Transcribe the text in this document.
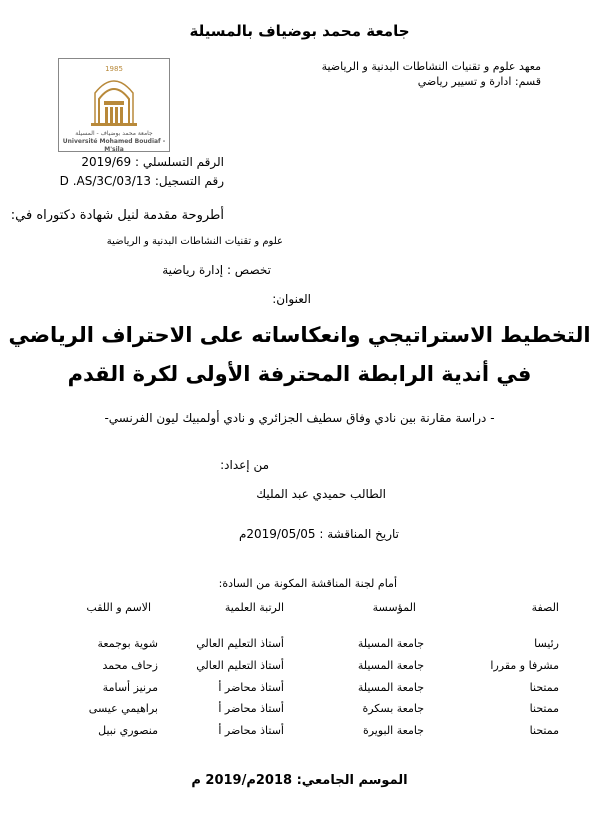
جامعة محمد بوضياف بالمسيلة
معهد علوم و تقنيات النشاطات البدنية و الرياضية
قسم: ادارة و تسيير رياضي
1985
جامعة محمد بوضياف - المسيلة
Université Mohamed Boudiaf - M'sila
الرقم التسلسلي : 2019/69
رقم التسجيل: D .AS/3C/03/13
أطروحة مقدمة لنيل شهادة دكتوراه في:
علوم و تقنيات النشاطات البدنية و الرياضية
تخصص : إدارة رياضية
العنوان:
التخطيط الاستراتيجي وانعكاساته على الاحتراف الرياضي
في أندية الرابطة المحترفة الأولى لكرة القدم
- دراسة مقارنة بين نادي وفاق سطيف الجزائري و نادي أولمبيك ليون الفرنسي-
من إعداد:
الطالب حميدي عبد المليك
تاريخ المناقشة : 2019/05/05م
أمام لجنة المناقشة المكونة من السادة:
الاسم و اللقب	الرتبة العلمية	المؤسسة	الصفة
شوية بوجمعة	أستاذ التعليم العالي	جامعة المسيلة	رئيسا
زحاف محمد	أستاذ التعليم العالي	جامعة المسيلة	مشرفا و مقررا
مرنيز أسامة	أستاذ محاضر أ	جامعة المسيلة	ممتحنا
براهيمي عيسى	أستاذ محاضر أ	جامعة بسكرة	ممتحنا
منصوري نبيل	أستاذ محاضر أ	جامعة البويرة	ممتحنا
الموسم الجامعي: 2018م/2019 م
